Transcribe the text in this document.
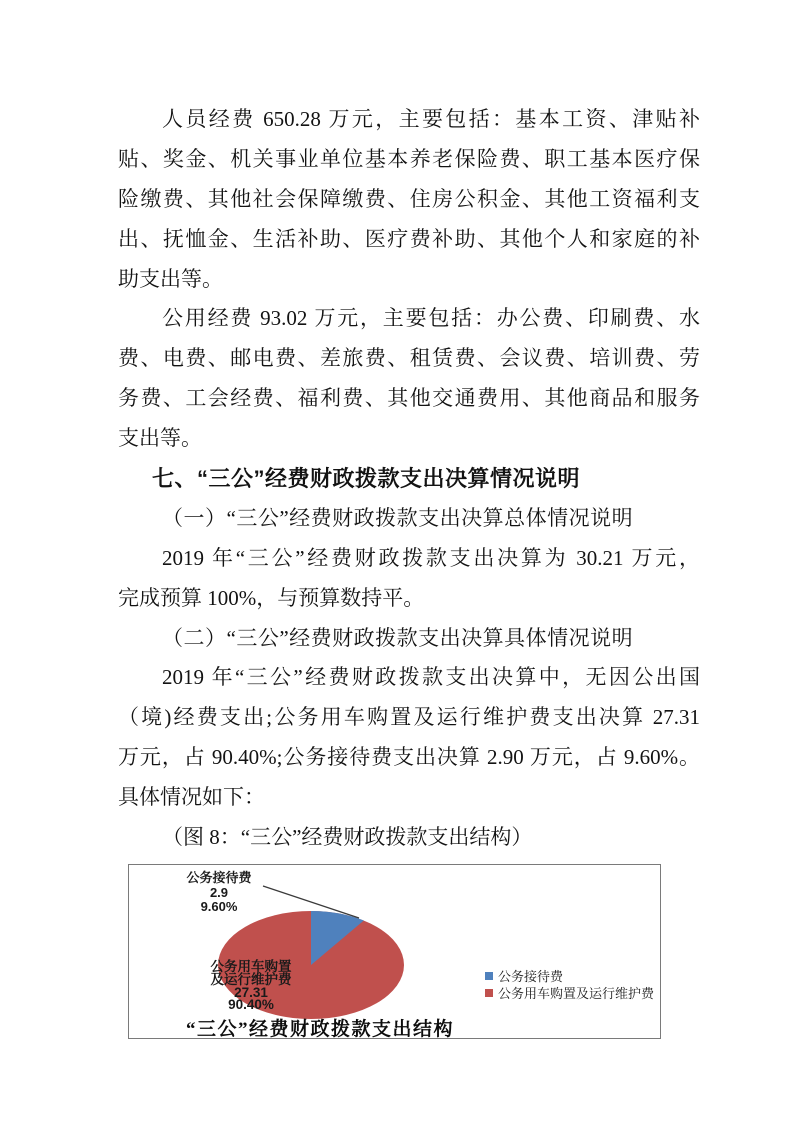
人员经费 650.28 万元，主要包括：基本工资、津贴补
贴、奖金、机关事业单位基本养老保险费、职工基本医疗保
险缴费、其他社会保障缴费、住房公积金、其他工资福利支
出、抚恤金、生活补助、医疗费补助、其他个人和家庭的补
助支出等。
公用经费 93.02 万元，主要包括：办公费、印刷费、水
费、电费、邮电费、差旅费、租赁费、会议费、培训费、劳
务费、工会经费、福利费、其他交通费用、其他商品和服务
支出等。
七、“三公”经费财政拨款支出决算情况说明
（一）“三公”经费财政拨款支出决算总体情况说明
2019 年“三公”经费财政拨款支出决算为 30.21 万元，
完成预算 100%，与预算数持平。
（二）“三公”经费财政拨款支出决算具体情况说明
2019 年“三公”经费财政拨款支出决算中，无因公出国
（境)经费支出;公务用车购置及运行维护费支出决算 27.31
万元，占 90.40%;公务接待费支出决算 2.90 万元，占 9.60%。
具体情况如下：
（图 8：“三公”经费财政拨款支出结构）
公务接待费
2.9
9.60%
公务用车购置
及运行维护费
27.31
90.40%
公务接待费
公务用车购置及运行维护费
“三公”经费财政拨款支出结构
